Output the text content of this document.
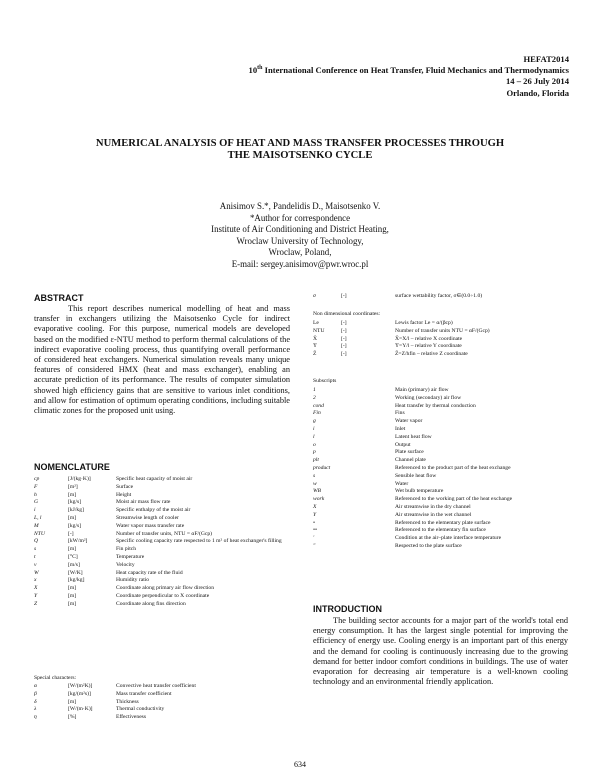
HEFAT2014
10th International Conference on Heat Transfer, Fluid Mechanics and Thermodynamics
14 – 26 July 2014
Orlando, Florida
NUMERICAL ANALYSIS OF HEAT AND MASS TRANSFER PROCESSES THROUGH
THE MAISOTSENKO CYCLE
Anisimov S.*, Pandelidis D., Maisotsenko V.
*Author for correspondence
Institute of Air Conditioning and District Heating,
Wroclaw University of Technology,
Wroclaw, Poland,
E-mail: sergey.anisimov@pwr.wroc.pl
ABSTRACT
This report describes numerical modelling of heat and mass transfer in exchangers utilizing the Maisotsenko Cycle for indirect evaporative cooling. For this purpose, numerical models are developed based on the modified ε-NTU method to perform thermal calculations of the indirect evaporative cooling process, thus quantifying overall performance of considered heat exchangers. Numerical simulation reveals many unique features of considered HMX (heat and mass exchanger), enabling an accurate prediction of its performance. The results of computer simulation showed high efficiency gains that are sensitive to various inlet conditions, and allow for estimation of optimum operating conditions, including suitable climatic zones for the proposed unit using.
NOMENCLATURE
cp	[J/(kg·K)]	Specific heat capacity of moist air
F	[m²]	Surface
h	[m]	Height
G	[kg/s]	Moist air mass flow rate
i	[kJ/kg]	Specific enthalpy of the moist air
L, l	[m]	Streamwise length of cooler
M	[kg/s]	Water vapor mass transfer rate
NTU	[-]	Number of transfer units, NTU = αF/(Gcp)
Q	[kW/m²]	Specific cooling capacity rate respected to 1 m² of heat exchanger's filling
s	[m]	Fin pitch
t	[°C]	Temperature
v	[m/s]	Velocity
W	[W/K]	Heat capacity rate of the fluid
x	[kg/kg]	Humidity ratio
X	[m]	Coordinate along primary air flow direction
Y	[m]	Coordinate perpendicular to X coordinate
Z	[m]	Coordinate along fins direction
Special characters:
α	[W/(m²K)]	Convective heat transfer coefficient
β	[kg/(m²s)]	Mass transfer coefficient
δ	[m]	Thickness
λ	[W/(m·K)]	Thermal conductivity
η	[%]	Effectiveness
σ	[-]	surface wettability factor, σ∈(0.0÷1.0)
Non dimensional coordinates:
Le	[-]	Lewis factor Le = α/(βcp)
NTU	[-]	Number of transfer units NTU = αF/(Gcp)
X̄	[-]	X̄=X/l – relative X coordinate
Ȳ	[-]	Ȳ=Y/l – relative Y coordinate
Z̄	[-]	Z̄=Z/hfin – relative Z coordinate
Subscripts
1	Main (primary) air flow
2	Working (secondary) air flow
cond	Heat transfer by thermal conduction
Fin	Fins
g	Water vapor
i	Inlet
l	Latent heat flow
o	Output
p	Plate surface
plt	Channel plate
product	Referenced to the product part of the heat exchange
s	Sensible heat flow
w	Water
WB	Wet bulb temperature
work	Referenced to the working part of the heat exchange
X	Air streamwise in the dry channel
Y	Air streamwise in the wet channel
•	Referenced to the elementary plate surface
••	Referenced to the elementary fin surface
'	Condition at the air–plate interface temperature
"	Respected to the plate surface
INTRODUCTION
The building sector accounts for a major part of the world's total end energy consumption. It has the largest single potential for improving the efficiency of energy use. Cooling energy is an important part of this energy and the demand for cooling is continuously increasing due to the growing demand for better indoor comfort conditions in buildings. The use of water evaporation for decreasing air temperature is a well-known cooling technology and an environmental friendly application.
634
